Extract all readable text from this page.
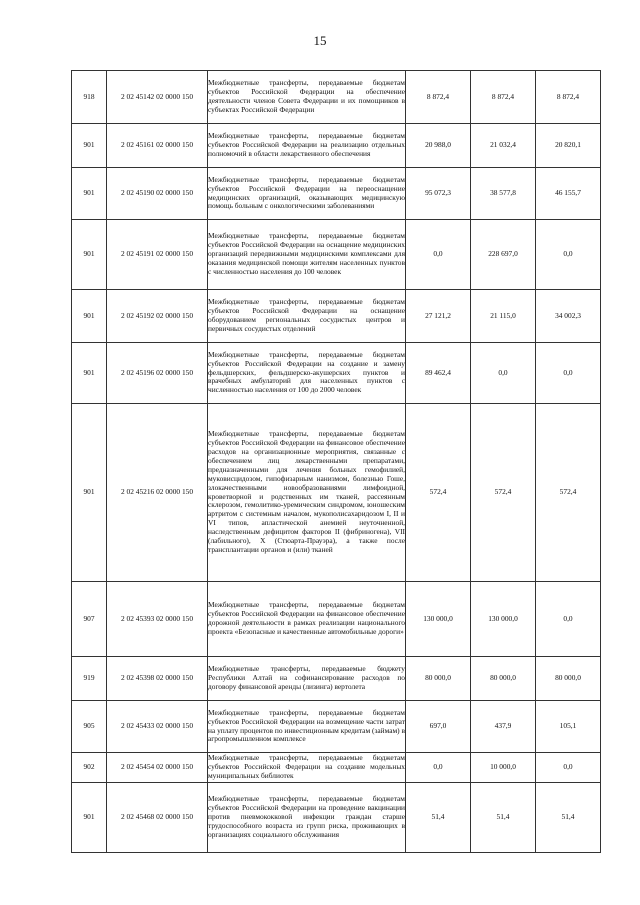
15
918	2 02 45142 02 0000 150	Межбюджетные трансферты, передаваемые бюджетам субъектов Российской Федерации на обеспечение деятельности членов Совета Федерации и их помощников в субъектах Российской Федерации	8 872,4	8 872,4	8 872,4

901	2 02 45161 02 0000 150	Межбюджетные трансферты, передаваемые бюджетам субъектов Российской Федерации на реализацию отдельных полномочий в области лекарственного обеспечения	20 988,0	21 032,4	20 820,1

901	2 02 45190 02 0000 150	Межбюджетные трансферты, передаваемые бюджетам субъектов Российской Федерации на переоснащение медицинских организаций, оказывающих медицинскую помощь больным с онкологическими заболеваниями	95 072,3	38 577,8	46 155,7

901	2 02 45191 02 0000 150	Межбюджетные трансферты, передаваемые бюджетам субъектов Российской Федерации на оснащение медицинских организаций передвижными медицинскими комплексами для оказания медицинской помощи жителям населенных пунктов с численностью населения до 100 человек	0,0	228 697,0	0,0

901	2 02 45192 02 0000 150	Межбюджетные трансферты, передаваемые бюджетам субъектов Российской Федерации на оснащение оборудованием региональных сосудистых центров и первичных сосудистых отделений	27 121,2	21 115,0	34 002,3

901	2 02 45196 02 0000 150	Межбюджетные трансферты, передаваемые бюджетам субъектов Российской Федерации на создание и замену фельдшерских, фельдшерско-акушерских пунктов и врачебных амбулаторий для населенных пунктов с численностью населения от 100 до 2000 человек	89 462,4	0,0	0,0

901	2 02 45216 02 0000 150	Межбюджетные трансферты, передаваемые бюджетам субъектов Российской Федерации на финансовое обеспечение расходов на организационные мероприятия, связанные с обеспечением лиц лекарственными препаратами, предназначенными для лечения больных гемофилией, муковисцидозом, гипофизарным нанизмом, болезнью Гоше, злокачественными новообразованиями лимфоидной, кроветворной и родственных им тканей, рассеянным склерозом, гемолитико-уремическим синдромом, юношеским артритом с системным началом, мукополисахаридозом I, II и VI типов, апластической анемией неуточненной, наследственным дефицитом факторов II (фибриногена), VII (лабильного), X (Стюарта-Прауэра), а также после трансплантации органов и (или) тканей	572,4	572,4	572,4

907	2 02 45393 02 0000 150	Межбюджетные трансферты, передаваемые бюджетам субъектов Российской Федерации на финансовое обеспечение дорожной деятельности в рамках реализации национального проекта «Безопасные и качественные автомобильные дороги»	130 000,0	130 000,0	0,0

919	2 02 45398 02 0000 150	Межбюджетные трансферты, передаваемые бюджету Республики Алтай на софинансирование расходов по договору финансовой аренды (лизинга) вертолета	80 000,0	80 000,0	80 000,0

905	2 02 45433 02 0000 150	Межбюджетные трансферты, передаваемые бюджетам субъектов Российской Федерации на возмещение части затрат на уплату процентов по инвестиционным кредитам (займам) в агропромышленном комплексе	697,0	437,9	105,1

902	2 02 45454 02 0000 150	Межбюджетные трансферты, передаваемые бюджетам субъектов Российской Федерации на создание модельных муниципальных библиотек	0,0	10 000,0	0,0

901	2 02 45468 02 0000 150	Межбюджетные трансферты, передаваемые бюджетам субъектов Российской Федерации на проведение вакцинации против пневмококковой инфекции граждан старше трудоспособного возраста из групп риска, проживающих в организациях социального обслуживания	51,4	51,4	51,4
